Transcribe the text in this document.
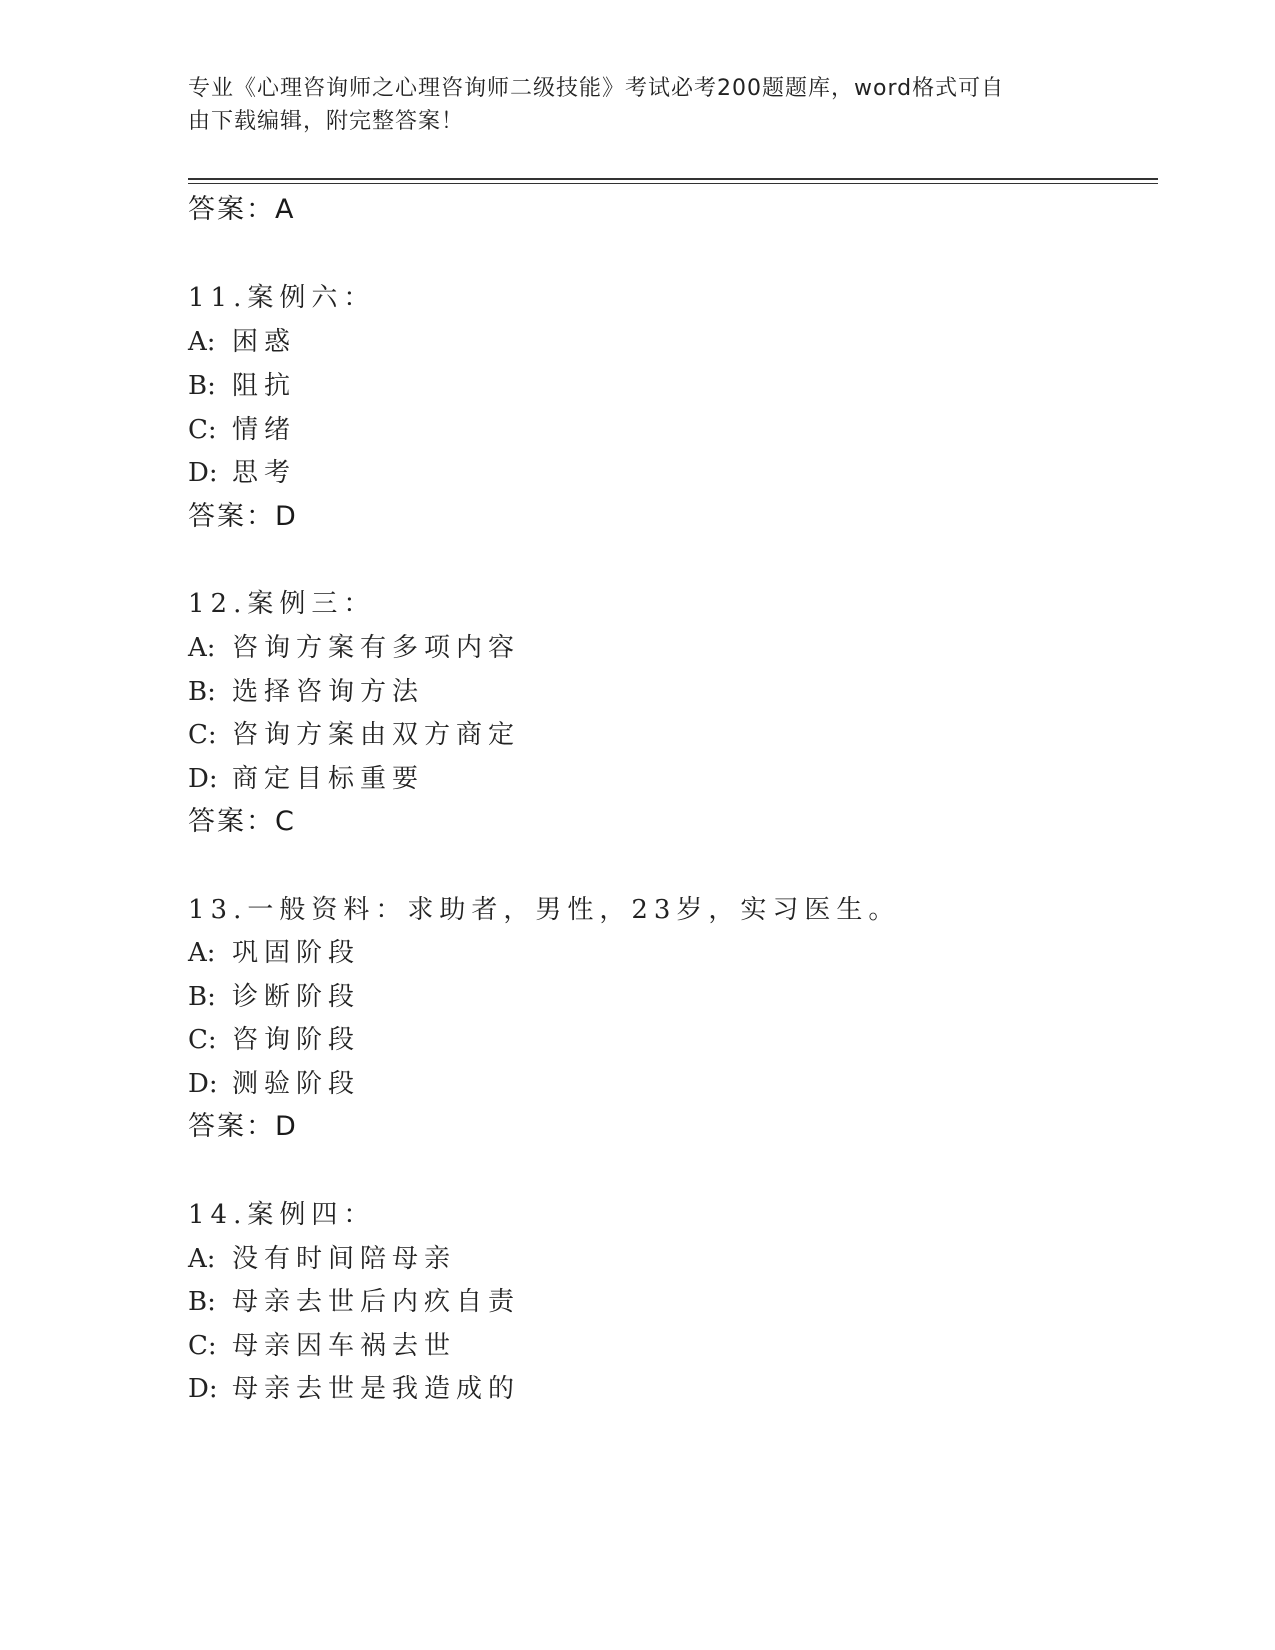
专业《心理咨询师之心理咨询师二级技能》考试必考200题题库，word格式可自
由下载编辑，附完整答案！
答案：A
11.案例六：
A: 困惑
B: 阻抗
C: 情绪
D: 思考
答案：D
12.案例三：
A: 咨询方案有多项内容
B: 选择咨询方法
C: 咨询方案由双方商定
D: 商定目标重要
答案：C
13.一般资料：求助者，男性，23岁，实习医生。
A: 巩固阶段
B: 诊断阶段
C: 咨询阶段
D: 测验阶段
答案：D
14.案例四：
A: 没有时间陪母亲
B: 母亲去世后内疚自责
C: 母亲因车祸去世
D: 母亲去世是我造成的
